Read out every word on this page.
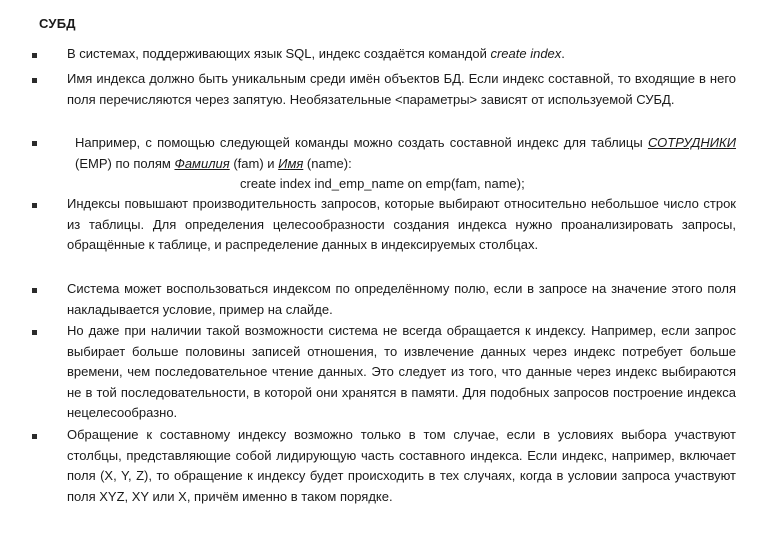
СУБД
В системах, поддерживающих язык SQL, индекс создаётся командой create index.
Имя индекса должно быть уникальным среди имён объектов БД. Если индекс составной, то входящие в него поля перечисляются через запятую. Необязательные <параметры> зависят от используемой СУБД.
Например, с помощью следующей команды можно создать составной индекс для таблицы СОТРУДНИКИ (EMP) по полям Фамилия (fam) и Имя (name):
create index ind_emp_name on emp(fam, name);
Индексы повышают производительность запросов, которые выбирают относительно небольшое число строк из таблицы. Для определения целесообразности создания индекса нужно проанализировать запросы, обращённые к таблице, и распределение данных в индексируемых столбцах.
Система может воспользоваться индексом по определённому полю, если в запросе на значение этого поля накладывается условие, пример на слайде.
Но даже при наличии такой возможности система не всегда обращается к индексу. Например, если запрос выбирает больше половины записей отношения, то извлечение данных через индекс потребует больше времени, чем последовательное чтение данных. Это следует из того, что данные через индекс выбираются не в той последовательности, в которой они хранятся в памяти. Для подобных запросов построение индекса нецелесообразно.
Обращение к составному индексу возможно только в том случае, если в условиях выбора участвуют столбцы, представляющие собой лидирующую часть составного индекса. Если индекс, например, включает поля (X, Y, Z), то обращение к индексу будет происходить в тех случаях, когда в условии запроса участвуют поля XYZ, XY или X, причём именно в таком порядке.
